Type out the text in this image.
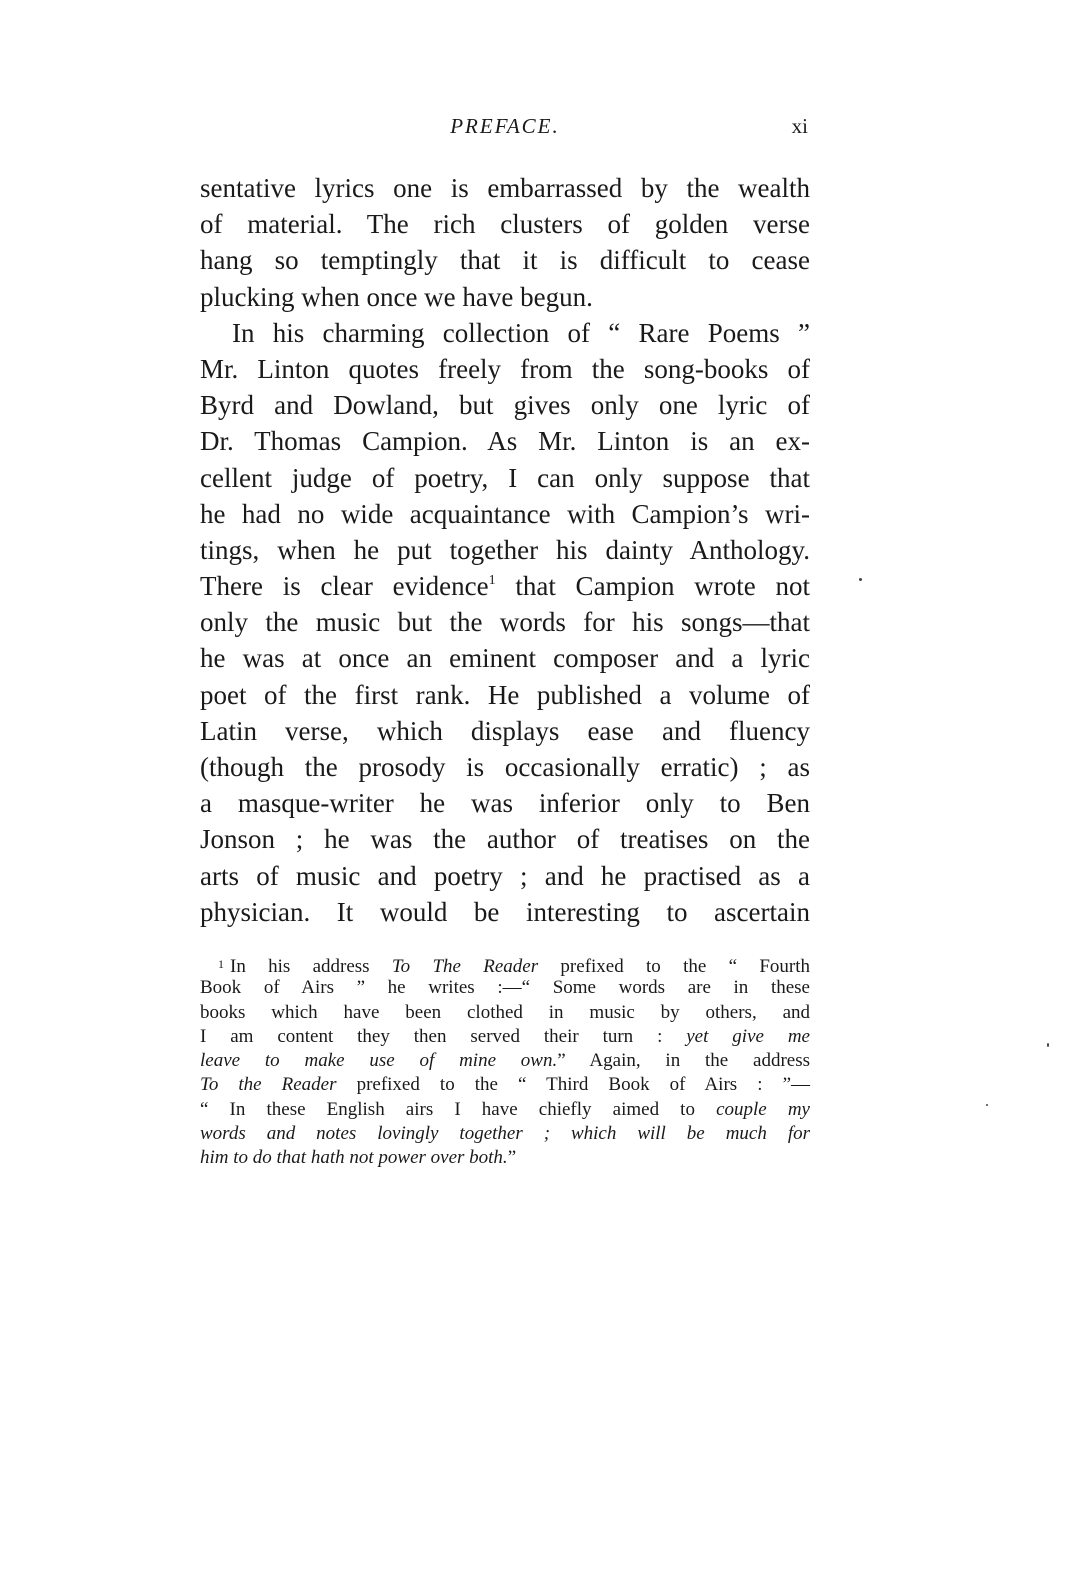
PREFACE.	xi
sentative lyrics one is embarrassed by the wealth
of material. The rich clusters of golden verse
hang so temptingly that it is difficult to cease
plucking when once we have begun.
In his charming collection of “ Rare Poems ”
Mr. Linton quotes freely from the song-books of
Byrd and Dowland, but gives only one lyric of
Dr. Thomas Campion. As Mr. Linton is an ex-
cellent judge of poetry, I can only suppose that
he had no wide acquaintance with Campion’s wri-
tings, when he put together his dainty Anthology.
There is clear evidence$^1$ that Campion wrote not
only the music but the words for his songs—that
he was at once an eminent composer and a lyric
poet of the first rank. He published a volume of
Latin verse, which displays ease and fluency
(though the prosody is occasionally erratic) ; as
a masque-writer he was inferior only to Ben
Jonson ; he was the author of treatises on the
arts of music and poetry ; and he practised as a
physician. It would be interesting to ascertain
$^1$ In his address To The Reader prefixed to the “ Fourth
Book of Airs ” he writes :—“ Some words are in these
books which have been clothed in music by others, and
I am content they then served their turn : yet give me
leave to make use of mine own.” Again, in the address
To the Reader prefixed to the “ Third Book of Airs : ”—
“ In these English airs I have chiefly aimed to couple my
words and notes lovingly together ; which will be much for
him to do that hath not power over both.”
